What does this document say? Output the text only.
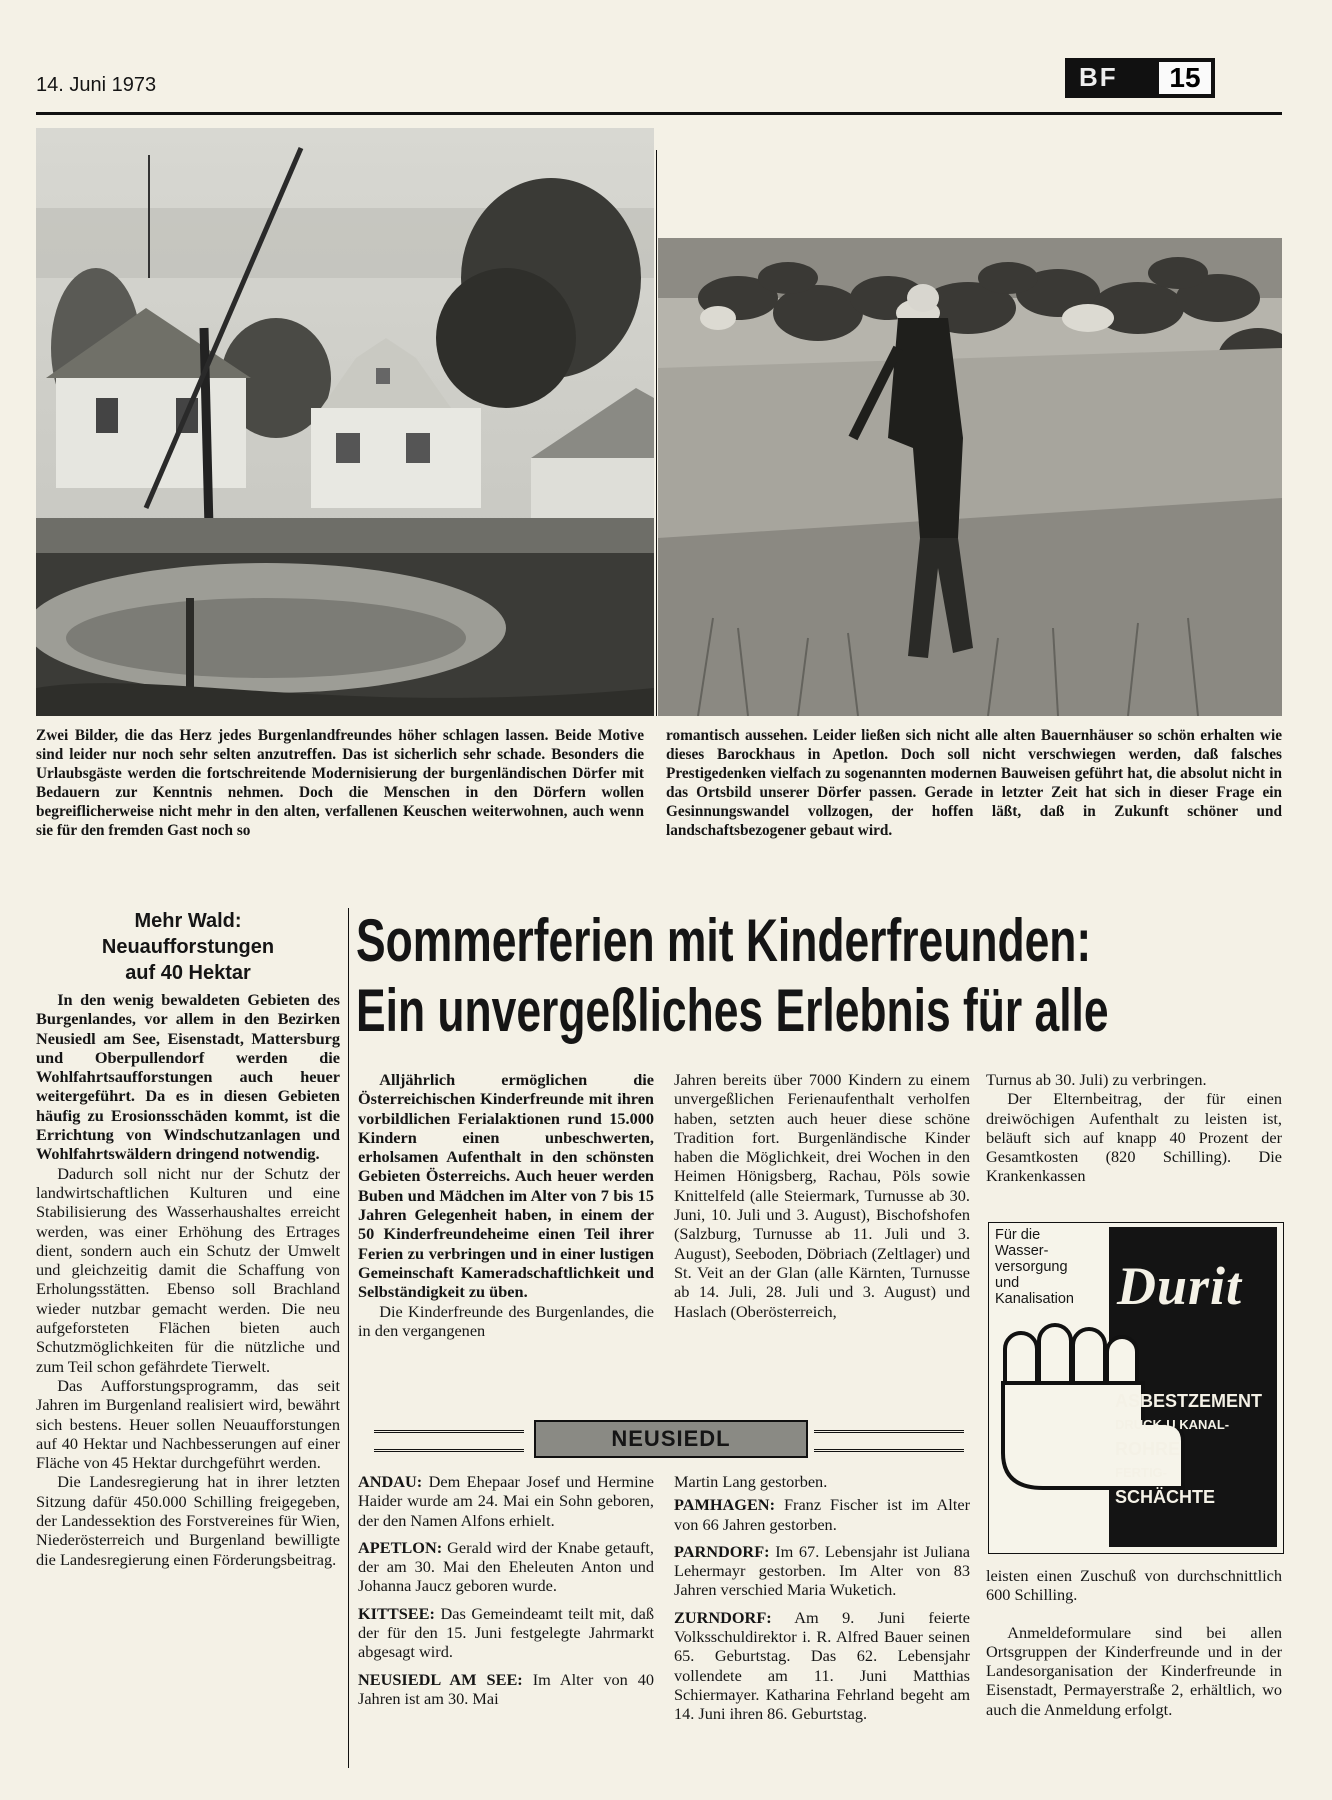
14. Juni 1973	BF	15
Zwei Bilder, die das Herz jedes Burgenlandfreundes höher schlagen lassen. Beide Motive sind leider nur noch sehr selten anzutreffen. Das ist sicherlich sehr schade. Besonders die Urlaubsgäste werden die fortschreitende Modernisierung der burgenländischen Dörfer mit Bedauern zur Kenntnis nehmen. Doch die Menschen in den Dörfern wollen begreiflicherweise nicht mehr in den alten, verfallenen Keuschen weiterwohnen, auch wenn sie für den fremden Gast noch so
romantisch aussehen. Leider ließen sich nicht alle alten Bauernhäuser so schön erhalten wie dieses Barockhaus in Apetlon. Doch soll nicht verschwiegen werden, daß falsches Prestigedenken vielfach zu sogenannten modernen Bauweisen geführt hat, die absolut nicht in das Ortsbild unserer Dörfer passen. Gerade in letzter Zeit hat sich in dieser Frage ein Gesinnungswandel vollzogen, der hoffen läßt, daß in Zukunft schöner und landschaftsbezogener gebaut wird.
Mehr Wald:
Neuaufforstungen
auf 40 Hektar

In den wenig bewaldeten Gebieten des Burgenlandes, vor allem in den Bezirken Neusiedl am See, Eisenstadt, Mattersburg und Oberpullendorf werden die Wohlfahrtsaufforstungen auch heuer weitergeführt. Da es in diesen Gebieten häufig zu Erosionsschäden kommt, ist die Errichtung von Windschutzanlagen und Wohlfahrtswäldern dringend notwendig.

Dadurch soll nicht nur der Schutz der landwirtschaftlichen Kulturen und eine Stabilisierung des Wasserhaushaltes erreicht werden, was einer Erhöhung des Ertrages dient, sondern auch ein Schutz der Umwelt und gleichzeitig damit die Schaffung von Erholungsstätten. Ebenso soll Brachland wieder nutzbar gemacht werden. Die neu aufgeforsteten Flächen bieten auch Schutzmöglichkeiten für die nützliche und zum Teil schon gefährdete Tierwelt.

Das Aufforstungsprogramm, das seit Jahren im Burgenland realisiert wird, bewährt sich bestens. Heuer sollen Neuaufforstungen auf 40 Hektar und Nachbesserungen auf einer Fläche von 45 Hektar durchgeführt werden.

Die Landesregierung hat in ihrer letzten Sitzung dafür 450.000 Schilling freigegeben, der Landessektion des Forstvereines für Wien, Niederösterreich und Burgenland bewilligte die Landesregierung einen Förderungsbeitrag.

Sommerferien mit Kinderfreunden:
Ein unvergeßliches Erlebnis für alle

Alljährlich ermöglichen die Österreichischen Kinderfreunde mit ihren vorbildlichen Ferialaktionen rund 15.000 Kindern einen unbeschwerten, erholsamen Aufenthalt in den schönsten Gebieten Österreichs. Auch heuer werden Buben und Mädchen im Alter von 7 bis 15 Jahren Gelegenheit haben, in einem der 50 Kinderfreundeheime einen Teil ihrer Ferien zu verbringen und in einer lustigen Gemeinschaft Kameradschaftlichkeit und Selbständigkeit zu üben.

Die Kinderfreunde des Burgenlandes, die in den vergangenen

Jahren bereits über 7000 Kindern zu einem unvergeßlichen Ferienaufenthalt verholfen haben, setzten auch heuer diese schöne Tradition fort. Burgenländische Kinder haben die Möglichkeit, drei Wochen in den Heimen Hönigsberg, Rachau, Pöls sowie Knittelfeld (alle Steiermark, Turnusse ab 30. Juni, 10. Juli und 3. August), Bischofshofen (Salzburg, Turnusse ab 11. Juli und 3. August), Seeboden, Döbriach (Zeltlager) und St. Veit an der Glan (alle Kärnten, Turnusse ab 14. Juli, 28. Juli und 3. August) und Haslach (Oberösterreich,

Turnus ab 30. Juli) zu verbringen.

Der Elternbeitrag, der für einen dreiwöchigen Aufenthalt zu leisten ist, beläuft sich auf knapp 40 Prozent der Gesamtkosten (820 Schilling). Die Krankenkassen

Für die
Wasser-
versorgung
und
Kanalisation Durit
ASBESTZEMENT
DRUCK-U KANAL-
ROHRE
FERTIG-
SCHÄCHTE

leisten einen Zuschuß von durchschnittlich 600 Schilling.

Anmeldeformulare sind bei allen Ortsgruppen der Kinderfreunde und in der Landesorganisation der Kinderfreunde in Eisenstadt, Permayerstraße 2, erhältlich, wo auch die Anmeldung erfolgt.

NEUSIEDL

ANDAU: Dem Ehepaar Josef und Hermine Haider wurde am 24. Mai ein Sohn geboren, der den Namen Alfons erhielt.

APETLON: Gerald wird der Knabe getauft, der am 30. Mai den Eheleuten Anton und Johanna Jaucz geboren wurde.

KITTSEE: Das Gemeindeamt teilt mit, daß der für den 15. Juni festgelegte Jahrmarkt abgesagt wird.

NEUSIEDL AM SEE: Im Alter von 40 Jahren ist am 30. Mai

Martin Lang gestorben.

PAMHAGEN: Franz Fischer ist im Alter von 66 Jahren gestorben.

PARNDORF: Im 67. Lebensjahr ist Juliana Lehermayr gestorben. Im Alter von 83 Jahren verschied Maria Wuketich.

ZURNDORF: Am 9. Juni feierte Volksschuldirektor i. R. Alfred Bauer seinen 65. Geburtstag. Das 62. Lebensjahr vollendete am 11. Juni Matthias Schiermayer. Katharina Fehrland begeht am 14. Juni ihren 86. Geburtstag.
